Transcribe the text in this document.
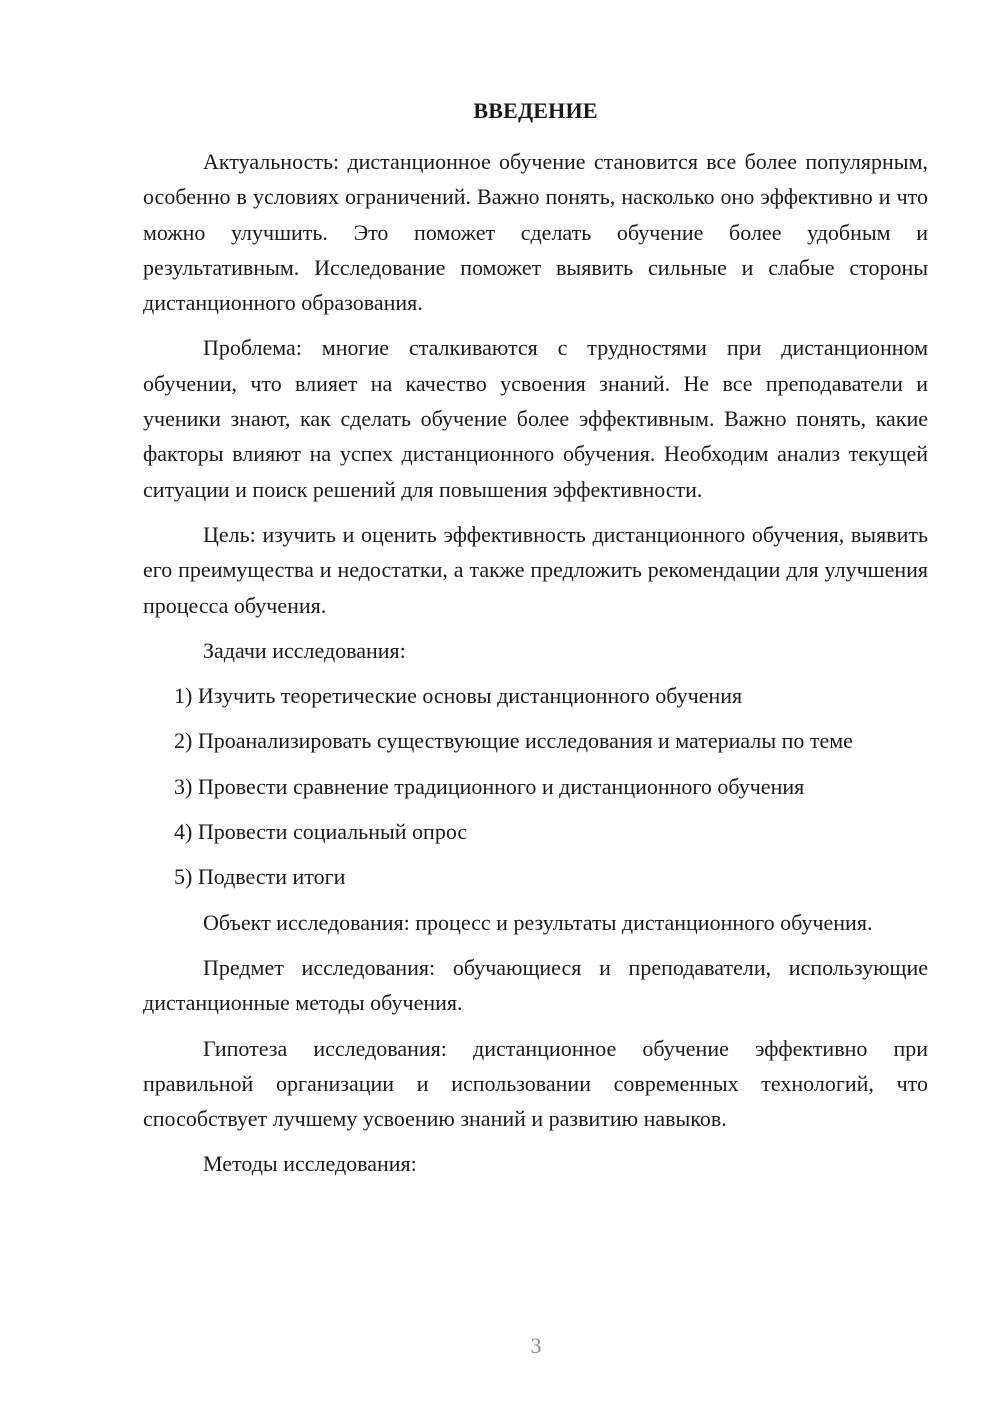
ВВЕДЕНИЕ

Актуальность: дистанционное обучение становится все более популярным, особенно в условиях ограничений. Важно понять, насколько оно эффективно и что можно улучшить. Это поможет сделать обучение более удобным и результативным. Исследование поможет выявить сильные и слабые стороны дистанционного образования.

Проблема: многие сталкиваются с трудностями при дистанционном обучении, что влияет на качество усвоения знаний. Не все преподаватели и ученики знают, как сделать обучение более эффективным. Важно понять, какие факторы влияют на успех дистанционного обучения. Необходим анализ текущей ситуации и поиск решений для повышения эффективности.

Цель: изучить и оценить эффективность дистанционного обучения, выявить его преимущества и недостатки, а также предложить рекомендации для улучшения процесса обучения.

Задачи исследования:

1) Изучить теоретические основы дистанционного обучения

2) Проанализировать существующие исследования и материалы по теме

3) Провести сравнение традиционного и дистанционного обучения

4) Провести социальный опрос

5) Подвести итоги

Объект исследования: процесс и результаты дистанционного обучения.

Предмет исследования: обучающиеся и преподаватели, использующие дистанционные методы обучения.

Гипотеза исследования: дистанционное обучение эффективно при правильной организации и использовании современных технологий, что способствует лучшему усвоению знаний и развитию навыков.

Методы исследования:

3
